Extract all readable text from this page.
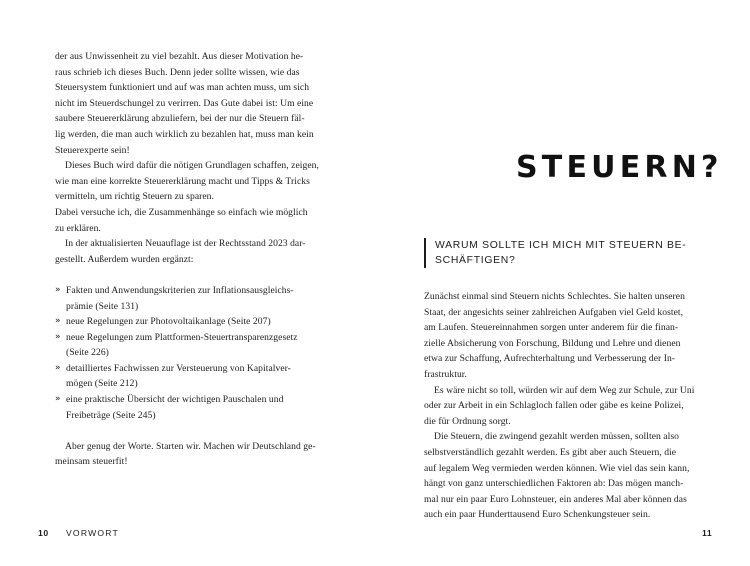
der aus Unwissenheit zu viel bezahlt. Aus dieser Motivation he-
raus schrieb ich dieses Buch. Denn jeder sollte wissen, wie das
Steuersystem funktioniert und auf was man achten muss, um sich
nicht im Steuerdschungel zu verirren. Das Gute dabei ist: Um eine
saubere Steuererklärung abzuliefern, bei der nur die Steuern fäl-
lig werden, die man auch wirklich zu bezahlen hat, muss man kein
Steuerexperte sein!
Dieses Buch wird dafür die nötigen Grundlagen schaffen, zeigen,
wie man eine korrekte Steuererklärung macht und Tipps & Tricks
vermitteln, um richtig Steuern zu sparen.
Dabei versuche ich, die Zusammenhänge so einfach wie möglich
zu erklären.
In der aktualisierten Neuauflage ist der Rechtsstand 2023 dar-
gestellt. Außerdem wurden ergänzt:
» Fakten und Anwendungskriterien zur Inflationsausgleichs-
prämie (Seite 131)
» neue Regelungen zur Photovoltaikanlage (Seite 207)
» neue Regelungen zum Plattformen-Steuertransparenzgesetz
(Seite 226)
» detailliertes Fachwissen zur Versteuerung von Kapitalver-
mögen (Seite 212)
» eine praktische Übersicht der wichtigen Pauschalen und
Freibeträge (Seite 245)
Aber genug der Worte. Starten wir. Machen wir Deutschland ge-
meinsam steuerfit!
10 VORWORT
STEUERN?
WARUM SOLLTE ICH MICH MIT STEUERN BE-
SCHÄFTIGEN?
Zunächst einmal sind Steuern nichts Schlechtes. Sie halten unseren
Staat, der angesichts seiner zahlreichen Aufgaben viel Geld kostet,
am Laufen. Steuereinnahmen sorgen unter anderem für die finan-
zielle Absicherung von Forschung, Bildung und Lehre und dienen
etwa zur Schaffung, Aufrechterhaltung und Verbesserung der In-
frastruktur.
Es wäre nicht so toll, würden wir auf dem Weg zur Schule, zur Uni
oder zur Arbeit in ein Schlagloch fallen oder gäbe es keine Polizei,
die für Ordnung sorgt.
Die Steuern, die zwingend gezahlt werden müssen, sollten also
selbstverständlich gezahlt werden. Es gibt aber auch Steuern, die
auf legalem Weg vermieden werden können. Wie viel das sein kann,
hängt von ganz unterschiedlichen Faktoren ab: Das mögen manch-
mal nur ein paar Euro Lohnsteuer, ein anderes Mal aber können das
auch ein paar Hunderttausend Euro Schenkungsteuer sein.
11
